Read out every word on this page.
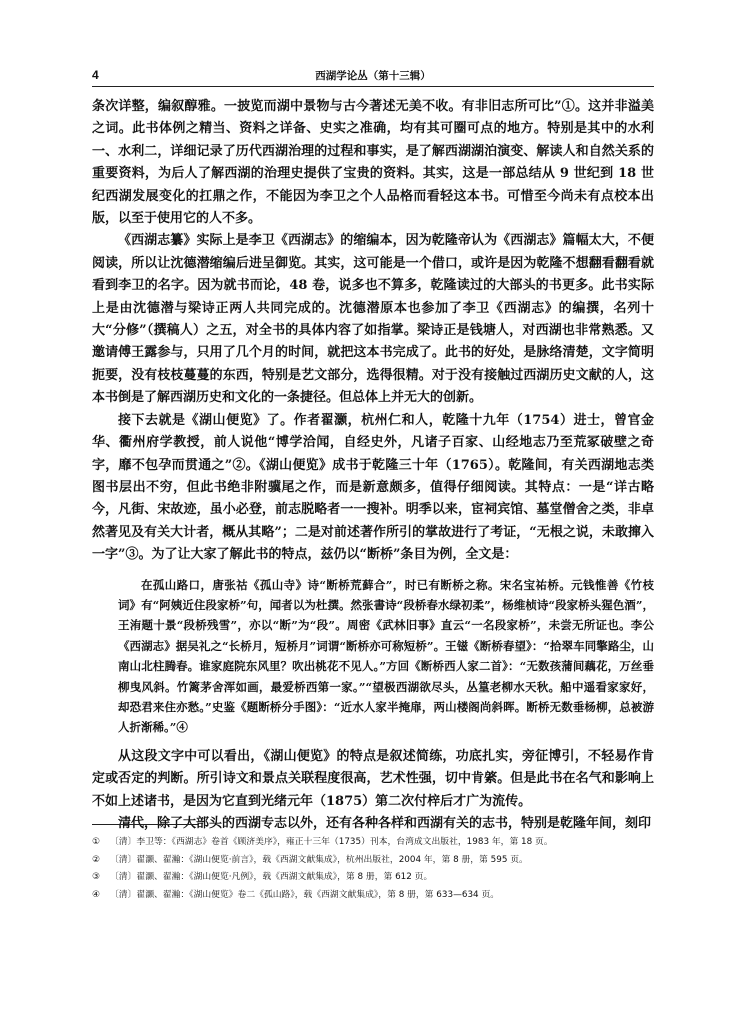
4	西湖学论丛（第十三辑）

条次详整，编叙醇雅。一披览而湖中景物与古今著述无美不收。有非旧志所可比”①。这并非溢美之词。此书体例之精当、资料之详备、史实之准确，均有其可圈可点的地方。特别是其中的水利一、水利二，详细记录了历代西湖治理的过程和事实，是了解西湖湖泊演变、解读人和自然关系的重要资料，为后人了解西湖的治理史提供了宝贵的资料。其实，这是一部总结从 9 世纪到 18 世纪西湖发展变化的扛鼎之作，不能因为李卫之个人品格而看轻这本书。可惜至今尚未有点校本出版，以至于使用它的人不多。

《西湖志纂》实际上是李卫《西湖志》的缩编本，因为乾隆帝认为《西湖志》篇幅太大，不便阅读，所以让沈德潜缩编后进呈御览。其实，这可能是一个借口，或许是因为乾隆不想翻看翻看就看到李卫的名字。因为就书而论，48 卷，说多也不算多，乾隆读过的大部头的书更多。此书实际上是由沈德潜与梁诗正两人共同完成的。沈德潜原本也参加了李卫《西湖志》的编撰，名列十大“分修”（撰稿人）之五，对全书的具体内容了如指掌。梁诗正是钱塘人，对西湖也非常熟悉。又邀请傅王露参与，只用了几个月的时间，就把这本书完成了。此书的好处，是脉络清楚，文字简明扼要，没有枝枝蔓蔓的东西，特别是艺文部分，选得很精。对于没有接触过西湖历史文献的人，这本书倒是了解西湖历史和文化的一条捷径。但总体上并无大的创新。

接下去就是《湖山便览》了。作者翟灏，杭州仁和人，乾隆十九年（1754）进士，曾官金华、衢州府学教授，前人说他“博学洽闻，自经史外，凡诸子百家、山经地志乃至荒冢破壁之奇字，靡不包孕而贯通之”②。《湖山便览》成书于乾隆三十年（1765）。乾隆间，有关西湖地志类图书层出不穷，但此书绝非附骥尾之作，而是新意颇多，值得仔细阅读。其特点：一是“详古略今，凡街、宋故迹，虽小必登，前志脱略者一一搜补。明季以来，宦祠宾馆、墓堂僧舍之类，非卓然著见及有关大计者，概从其略”；二是对前述著作所引的掌故进行了考证，“无根之说，未敢撺入一字”③。为了让大家了解此书的特点，兹仍以“断桥”条目为例，全文是：

在孤山路口，唐张祜《孤山寺》诗“断桥荒藓合”，时已有断桥之称。宋名宝祐桥。元钱惟善《竹枝词》有“阿姨近住段家桥”句，闻者以为杜撰。然张書诗“段桥春水绿初柔”，杨维桢诗“段家桥头猩色酒”，王洧题十景“段桥残雪”，亦以“断”为“段”。周密《武林旧事》直云“一名段家桥”，未尝无所证也。李公《西湖志》据吴礼之“长桥月，短桥月”词谓“断桥亦可称短桥”。王镃《断桥春望》：“拾翠车同擎路尘，山南山北柱腾春。谁家庭院东风里？吹出桃花不见人。”方回《断桥西人家二首》：“无数孩蒲间藕花，万丝垂柳曳风斜。竹篱茅舍浑如画，最爱桥西第一家。”“望极西湖欲尽头，丛篁老柳水天秋。船中遥看家家好，却恐君来住亦愁。”史鉴《题断桥分手图》：“近水人家半掩扉，两山楼阁尚斜晖。断桥无数垂杨柳，总被游人折渐稀。”④

从这段文字中可以看出，《湖山便览》的特点是叙述简练，功底扎实，旁征博引，不轻易作肯定或否定的判断。所引诗文和景点关联程度很高，艺术性强，切中肯綮。但是此书在名气和影响上不如上述诸书，是因为它直到光绪元年（1875）第二次付梓后才广为流传。

清代，除了大部头的西湖专志以外，还有各种各样和西湖有关的志书，特别是乾隆年间，刻印

①	〔清〕李卫等：《西湖志》卷首《顾济美序》，雍正十三年（1735）刊本，台湾成文出版社，1983 年，第 18 页。
②	〔清〕翟灏、翟瀚：《湖山便览·前言》，载《西湖文献集成》，杭州出版社，2004 年，第 8 册，第 595 页。
③	〔清〕翟灏、翟瀚：《湖山便览·凡例》，载《西湖文献集成》，第 8 册，第 612 页。
④	〔清〕翟灏、翟瀚：《湖山便览》卷二《孤山路》，载《西湖文献集成》，第 8 册，第 633—634 页。
